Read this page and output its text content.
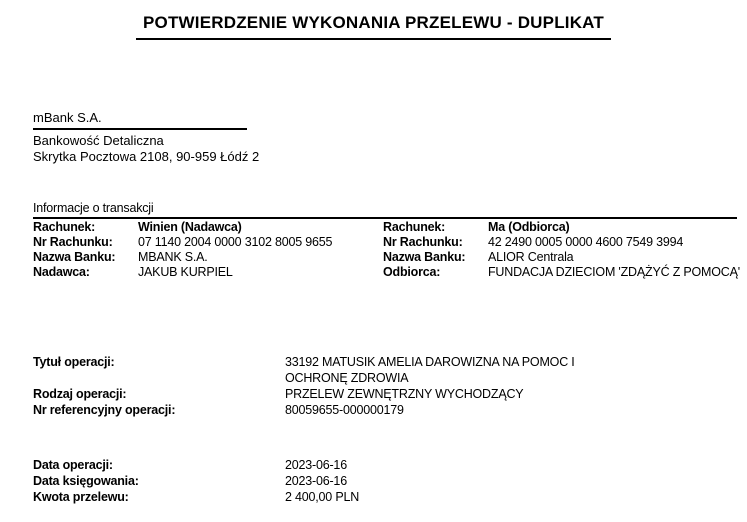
POTWIERDZENIE WYKONANIA PRZELEWU - DUPLIKAT
mBank S.A.
Bankowość Detaliczna
Skrytka Pocztowa 2108, 90-959 Łódź 2
Informacje o transakcji
Rachunek:	Winien (Nadawca)	Rachunek:	Ma (Odbiorca)
Nr Rachunku:	07 1140 2004 0000 3102 8005 9655	Nr Rachunku:	42 2490 0005 0000 4600 7549 3994
Nazwa Banku:	MBANK S.A.	Nazwa Banku:	ALIOR Centrala
Nadawca:	JAKUB KURPIEL	Odbiorca:	FUNDACJA DZIECIOM 'ZDĄŻYĆ Z POMOCĄ'
Tytuł operacji:	33192 MATUSIK AMELIA DAROWIZNA NA POMOC I OCHRONĘ ZDROWIA
Rodzaj operacji:	PRZELEW ZEWNĘTRZNY WYCHODZĄCY
Nr referencyjny operacji:	80059655-000000179
Data operacji:	2023-06-16
Data księgowania:	2023-06-16
Kwota przelewu:	2 400,00 PLN
